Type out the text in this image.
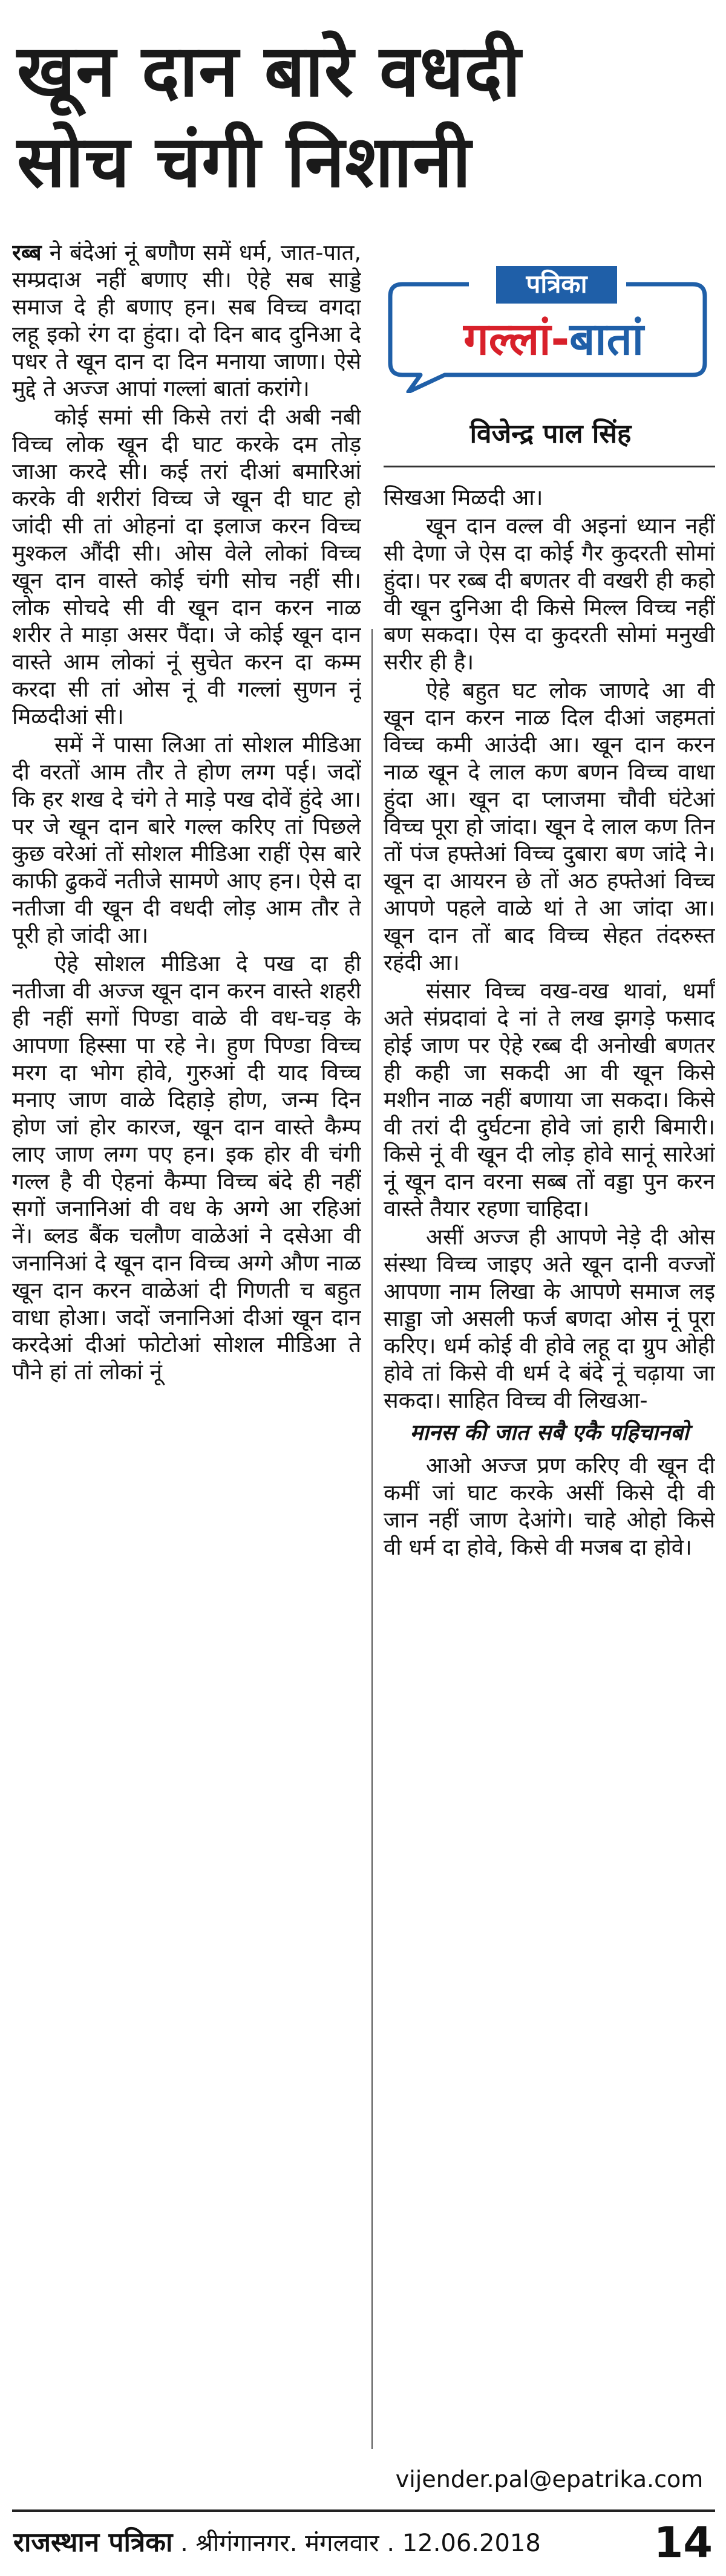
खून दान बारे वधदी
सोच चंगी निशानी

रब्ब ने बंदेआं नूं बणौण समें धर्म, जात-पात, सम्प्रदाअ नहीं बणाए सी। ऐहे सब साड्डे समाज दे ही बणाए हन। सब विच्च वगदा लहू इको रंग दा हुंदा। दो दिन बाद दुनिआ दे पधर ते खून दान दा दिन मनाया जाणा। ऐसे मुद्दे ते अज्ज आपां गल्लां बातां करांगे।

कोई समां सी किसे तरां दी अबी नबी विच्च लोक खून दी घाट करके दम तोड़ जाआ करदे सी। कई तरां दीआं बमारिआं करके वी शरीरां विच्च जे खून दी घाट हो जांदी सी तां ओहनां दा इलाज करन विच्च मुश्कल औंदी सी। ओस वेले लोकां विच्च खून दान वास्ते कोई चंगी सोच नहीं सी। लोक सोचदे सी वी खून दान करन नाळ शरीर ते माड़ा असर पैंदा। जे कोई खून दान वास्ते आम लोकां नूं सुचेत करन दा कम्म करदा सी तां ओस नूं वी गल्लां सुणन नूं मिळदीआं सी।

समें नें पासा लिआ तां सोशल मीडिआ दी वरतों आम तौर ते होण लग्ग पई। जदों कि हर शख दे चंगे ते माड़े पख दोवें हुंदे आ। पर जे खून दान बारे गल्ल करिए तां पिछले कुछ वरेआं तों सोशल मीडिआ राहीं ऐस बारे काफी ढुकवें नतीजे सामणे आए हन। ऐसे दा नतीजा वी खून दी वधदी लोड़ आम तौर ते पूरी हो जांदी आ।

ऐहे सोशल मीडिआ दे पख दा ही नतीजा वी अज्ज खून दान करन वास्ते शहरी ही नहीं सगों पिण्डा वाळे वी वध-चड़ के आपणा हिस्सा पा रहे ने। हुण पिण्डा विच्च मरग दा भोग होवे, गुरुआं दी याद विच्च मनाए जाण वाळे दिहाड़े होण, जन्म दिन होण जां होर कारज, खून दान वास्ते कैम्प लाए जाण लग्ग पए हन। इक होर वी चंगी गल्ल है वी ऐहनां कैम्पा विच्च बंदे ही नहीं सगों जनानिआं वी वध के अग्गे आ रहिआं नें। ब्लड बैंक चलौण वाळेआं ने दसेआ वी जनानिआं दे खून दान विच्च अग्गे औण नाळ खून दान करन वाळेआं दी गिणती च बहुत वाधा होआ। जदों जनानिआं दीआं खून दान करदेआं दीआं फोटोआं सोशल मीडिआ ते पौने हां तां लोकां नूं

पत्रिका
गल्लां-बातां
विजेन्द्र पाल सिंह

सिखआ मिळदी आ।

खून दान वल्ल वी अइनां ध्यान नहीं सी देणा जे ऐस दा कोई गैर कुदरती सोमां हुंदा। पर रब्ब दी बणतर वी वखरी ही कहो वी खून दुनिआ दी किसे मिल्ल विच्च नहीं बण सकदा। ऐस दा कुदरती सोमां मनुखी सरीर ही है।

ऐहे बहुत घट लोक जाणदे आ वी खून दान करन नाळ दिल दीआं जहमतां विच्च कमी आउंदी आ। खून दान करन नाळ खून दे लाल कण बणन विच्च वाधा हुंदा आ। खून दा प्लाजमा चौवी घंटेआं विच्च पूरा हो जांदा। खून दे लाल कण तिन तों पंज हफ्तेआं विच्च दुबारा बण जांदे ने। खून दा आयरन छे तों अठ हफ्तेआं विच्च आपणे पहले वाळे थां ते आ जांदा आ। खून दान तों बाद विच्च सेहत तंदरुस्त रहंदी आ।

संसार विच्च वख-वख थावां, धर्मां अते संप्रदावां दे नां ते लख झगड़े फसाद होई जाण पर ऐहे रब्ब दी अनोखी बणतर ही कही जा सकदी आ वी खून किसे मशीन नाळ नहीं बणाया जा सकदा। किसे वी तरां दी दुर्घटना होवे जां हारी बिमारी। किसे नूं वी खून दी लोड़ होवे सानूं सारेआं नूं खून दान वरना सब्ब तों वड्डा पुन करन वास्ते तैयार रहणा चाहिदा।

असीं अज्ज ही आपणे नेड़े दी ओस संस्था विच्च जाइए अते खून दानी वज्जों आपणा नाम लिखा के आपणे समाज लइ साड्डा जो असली फर्ज बणदा ओस नूं पूरा करिए। धर्म कोई वी होवे लहू दा ग्रुप ओही होवे तां किसे वी धर्म दे बंदे नूं चढ़ाया जा सकदा। साहित विच्च वी लिखआ-

मानस की जात सबै एकै पहिचानबो

आओ अज्ज प्रण करिए वी खून दी कमीं जां घाट करके असीं किसे दी वी जान नहीं जाण देआंगे। चाहे ओहो किसे वी धर्म दा होवे, किसे वी मजब दा होवे।

vijender.pal@epatrika.com
राजस्थान पत्रिका . श्रीगंगानगर. मंगलवार . 12.06.2018	14
